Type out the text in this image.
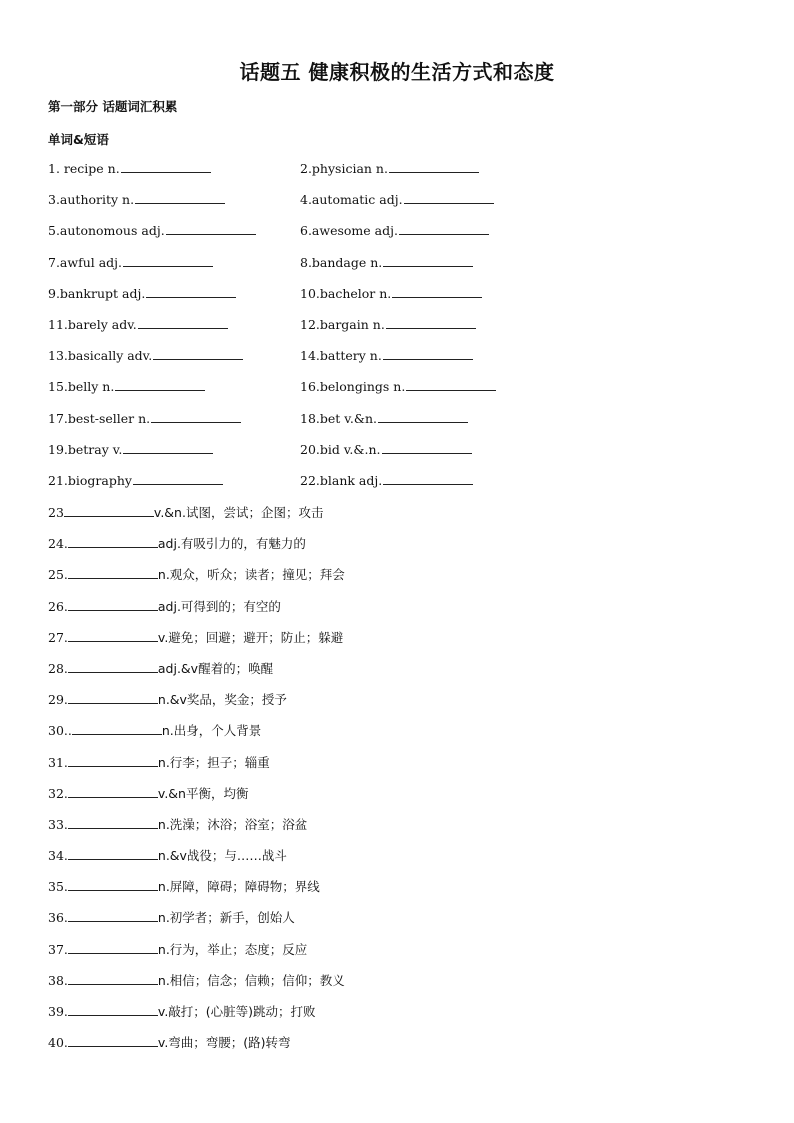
话题五 健康积极的生活方式和态度
第一部分 话题词汇积累
单词&短语
1. recipe n.	2.physician n.
3.authority n.	4.automatic adj.
5.autonomous adj.	6.awesome adj.
7.awful adj.	8.bandage n.
9.bankrupt adj.	10.bachelor n.
11.barely adv.	12.bargain n.
13.basically adv.	14.battery n.
15.belly n.	16.belongings n.
17.best-seller n.	18.bet v.&n.
19.betray v.	20.bid v.&.n.
21.biography	22.blank adj.
23	v.&n.试图，尝试；企图；攻击
24.	adj.有吸引力的，有魅力的
25.	n.观众，听众；读者；撞见；拜会
26.	adj.可得到的；有空的
27.	v.避免；回避；避开；防止；躲避
28.	adj.&v醒着的；唤醒
29.	n.&v奖品，奖金；授予
30..	n.出身，个人背景
31.	n.行李；担子；辎重
32.	v.&n平衡，均衡
33.	n.洗澡；沐浴；浴室；浴盆
34.	n.&v战役；与……战斗
35.	n.屏障，障碍；障碍物；界线
36.	n.初学者；新手，创始人
37.	n.行为，举止；态度；反应
38.	n.相信；信念；信赖；信仰；教义
39.	v.敲打；(心脏等)跳动；打败
40.	v.弯曲；弯腰；(路)转弯
